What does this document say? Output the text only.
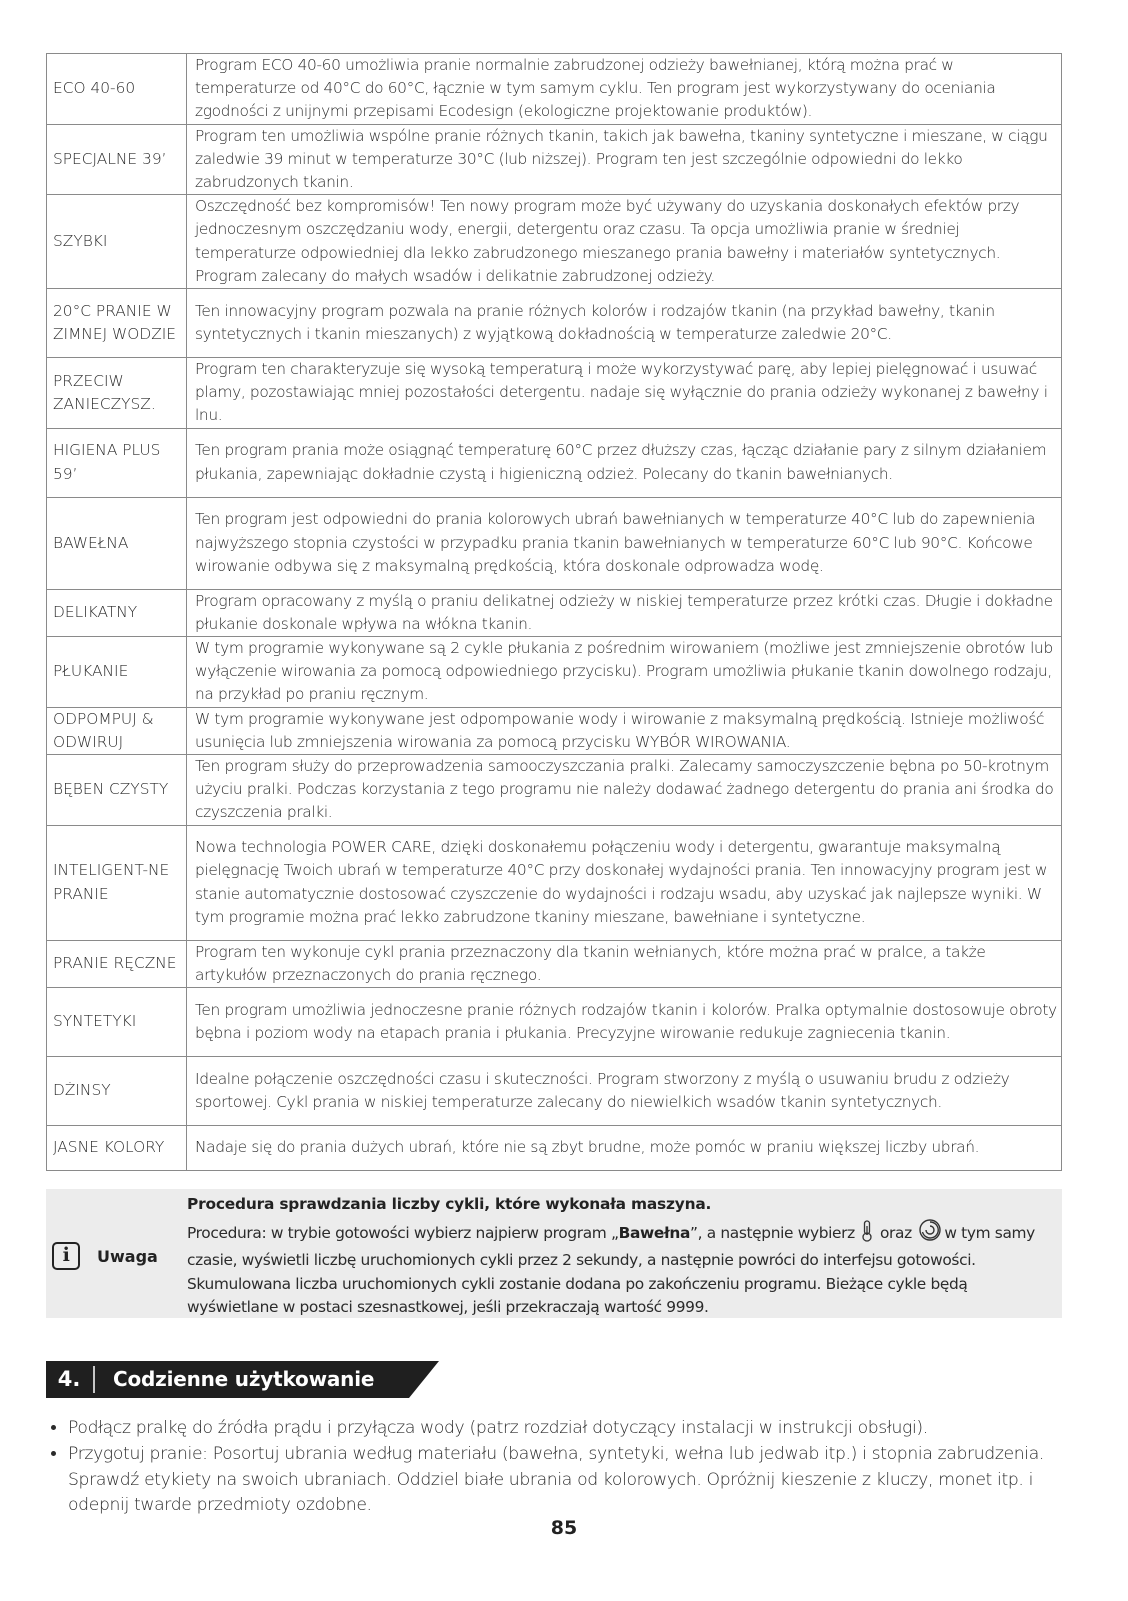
ECO 40-60	Program ECO 40-60 umożliwia pranie normalnie zabrudzonej odzieży bawełnianej, którą można prać w temperaturze od 40°C do 60°C, łącznie w tym samym cyklu. Ten program jest wykorzystywany do oceniania zgodności z unijnymi przepisami Ecodesign (ekologiczne projektowanie produktów).
SPECJALNE 39’	Program ten umożliwia wspólne pranie różnych tkanin, takich jak bawełna, tkaniny syntetyczne i mieszane, w ciągu zaledwie 39 minut w temperaturze 30°C (lub niższej). Program ten jest szczególnie odpowiedni do lekko zabrudzonych tkanin.
SZYBKI	Oszczędność bez kompromisów! Ten nowy program może być używany do uzyskania doskonałych efektów przy jednoczesnym oszczędzaniu wody, energii, detergentu oraz czasu. Ta opcja umożliwia pranie w średniej temperaturze odpowiedniej dla lekko zabrudzonego mieszanego prania bawełny i materiałów syntetycznych. Program zalecany do małych wsadów i delikatnie zabrudzonej odzieży.
20°C PRANIE W ZIMNEJ WODZIE	Ten innowacyjny program pozwala na pranie różnych kolorów i rodzajów tkanin (na przykład bawełny, tkanin syntetycznych i tkanin mieszanych) z wyjątkową dokładnością w temperaturze zaledwie 20°C.
PRZECIW ZANIECZYSZ.	Program ten charakteryzuje się wysoką temperaturą i może wykorzystywać parę, aby lepiej pielęgnować i usuwać plamy, pozostawiając mniej pozostałości detergentu. nadaje się wyłącznie do prania odzieży wykonanej z bawełny i lnu.
HIGIENA PLUS 59’	Ten program prania może osiągnąć temperaturę 60°C przez dłuższy czas, łącząc działanie pary z silnym działaniem płukania, zapewniając dokładnie czystą i higieniczną odzież. Polecany do tkanin bawełnianych.
BAWEŁNA	Ten program jest odpowiedni do prania kolorowych ubrań bawełnianych w temperaturze 40°C lub do zapewnienia najwyższego stopnia czystości w przypadku prania tkanin bawełnianych w temperaturze 60°C lub 90°C. Końcowe wirowanie odbywa się z maksymalną prędkością, która doskonale odprowadza wodę.
DELIKATNY	Program opracowany z myślą o praniu delikatnej odzieży w niskiej temperaturze przez krótki czas. Długie i dokładne płukanie doskonale wpływa na włókna tkanin.
PŁUKANIE	W tym programie wykonywane są 2 cykle płukania z pośrednim wirowaniem (możliwe jest zmniejszenie obrotów lub wyłączenie wirowania za pomocą odpowiedniego przycisku). Program umożliwia płukanie tkanin dowolnego rodzaju, na przykład po praniu ręcznym.
ODPOMPUJ & ODWIRUJ	W tym programie wykonywane jest odpompowanie wody i wirowanie z maksymalną prędkością. Istnieje możliwość usunięcia lub zmniejszenia wirowania za pomocą przycisku WYBÓR WIROWANIA.
BĘBEN CZYSTY	Ten program służy do przeprowadzenia samooczyszczania pralki. Zalecamy samoczyszczenie bębna po 50-krotnym użyciu pralki. Podczas korzystania z tego programu nie należy dodawać żadnego detergentu do prania ani środka do czyszczenia pralki.
INTELIGENT-NE PRANIE	Nowa technologia POWER CARE, dzięki doskonałemu połączeniu wody i detergentu, gwarantuje maksymalną pielęgnację Twoich ubrań w temperaturze 40°C przy doskonałej wydajności prania. Ten innowacyjny program jest w stanie automatycznie dostosować czyszczenie do wydajności i rodzaju wsadu, aby uzyskać jak najlepsze wyniki. W tym programie można prać lekko zabrudzone tkaniny mieszane, bawełniane i syntetyczne.
PRANIE RĘCZNE	Program ten wykonuje cykl prania przeznaczony dla tkanin wełnianych, które można prać w pralce, a także artykułów przeznaczonych do prania ręcznego.
SYNTETYKI	Ten program umożliwia jednoczesne pranie różnych rodzajów tkanin i kolorów. Pralka optymalnie dostosowuje obroty bębna i poziom wody na etapach prania i płukania. Precyzyjne wirowanie redukuje zagniecenia tkanin.
DŻINSY	Idealne połączenie oszczędności czasu i skuteczności. Program stworzony z myślą o usuwaniu brudu z odzieży sportowej. Cykl prania w niskiej temperaturze zalecany do niewielkich wsadów tkanin syntetycznych.
JASNE KOLORY	Nadaje się do prania dużych ubrań, które nie są zbyt brudne, może pomóc w praniu większej liczby ubrań.
i	Uwaga
Procedura sprawdzania liczby cykli, które wykonała maszyna.
Procedura: w trybie gotowości wybierz najpierw program „Bawełna”, a następnie wybierz oraz w tym samy czasie, wyświetli liczbę uruchomionych cykli przez 2 sekundy, a następnie powróci do interfejsu gotowości. Skumulowana liczba uruchomionych cykli zostanie dodana po zakończeniu programu. Bieżące cykle będą wyświetlane w postaci szesnastkowej, jeśli przekraczają wartość 9999.
4.	Codzienne użytkowanie
• Podłącz pralkę do źródła prądu i przyłącza wody (patrz rozdział dotyczący instalacji w instrukcji obsługi).
• Przygotuj pranie: Posortuj ubrania według materiału (bawełna, syntetyki, wełna lub jedwab itp.) i stopnia zabrudzenia. Sprawdź etykiety na swoich ubraniach. Oddziel białe ubrania od kolorowych. Opróżnij kieszenie z kluczy, monet itp. i odepnij twarde przedmioty ozdobne.
85
